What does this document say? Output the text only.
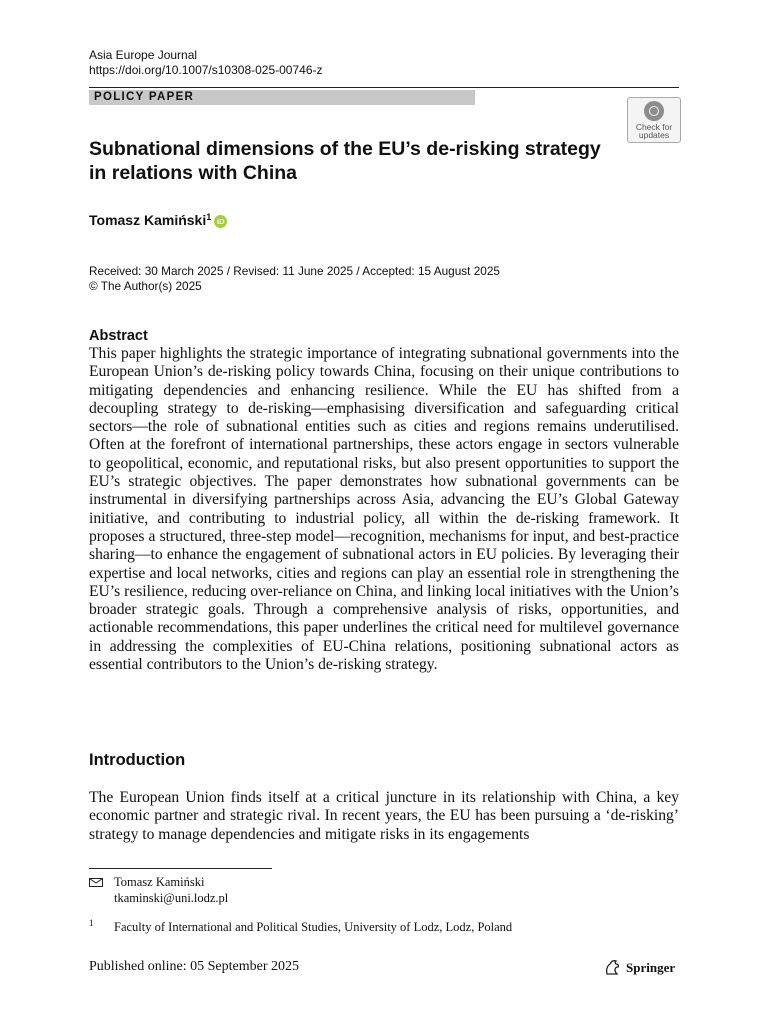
Asia Europe Journal
https://doi.org/10.1007/s10308-025-00746-z
POLICY PAPER
Check for
updates
Subnational dimensions of the EU’s de-risking strategy
in relations with China
Tomasz Kamiński$^1$ iD
Received: 30 March 2025 / Revised: 11 June 2025 / Accepted: 15 August 2025
© The Author(s) 2025
Abstract

This paper highlights the strategic importance of integrating subnational governments into the European Union’s de-risking policy towards China, focusing on their unique contributions to mitigating dependencies and enhancing resilience. While the EU has shifted from a decoupling strategy to de-risking—emphasising diversification and safeguarding critical sectors—the role of subnational entities such as cities and regions remains underutilised. Often at the forefront of international partnerships, these actors engage in sectors vulnerable to geopolitical, economic, and reputational risks, but also present opportunities to support the EU’s strategic objectives. The paper demonstrates how subnational governments can be instrumental in diversifying partnerships across Asia, advancing the EU’s Global Gateway initiative, and contributing to industrial policy, all within the de-risking framework. It proposes a structured, three-step model—recognition, mechanisms for input, and best-practice sharing—to enhance the engagement of subnational actors in EU policies. By leveraging their expertise and local networks, cities and regions can play an essential role in strengthening the EU’s resilience, reducing over-reliance on China, and linking local initiatives with the Union’s broader strategic goals. Through a comprehensive analysis of risks, opportunities, and actionable recommendations, this paper underlines the critical need for multilevel governance in addressing the complexities of EU-China relations, positioning subnational actors as essential contributors to the Union’s de-risking strategy.

Introduction

The European Union finds itself at a critical juncture in its relationship with China, a key economic partner and strategic rival. In recent years, the EU has been pursuing a ‘de-risking’ strategy to manage dependencies and mitigate risks in its engagements

Tomasz Kamiński
tkaminski@uni.lodz.pl
1 Faculty of International and Political Studies, University of Lodz, Lodz, Poland
Published online: 05 September 2025	Springer
